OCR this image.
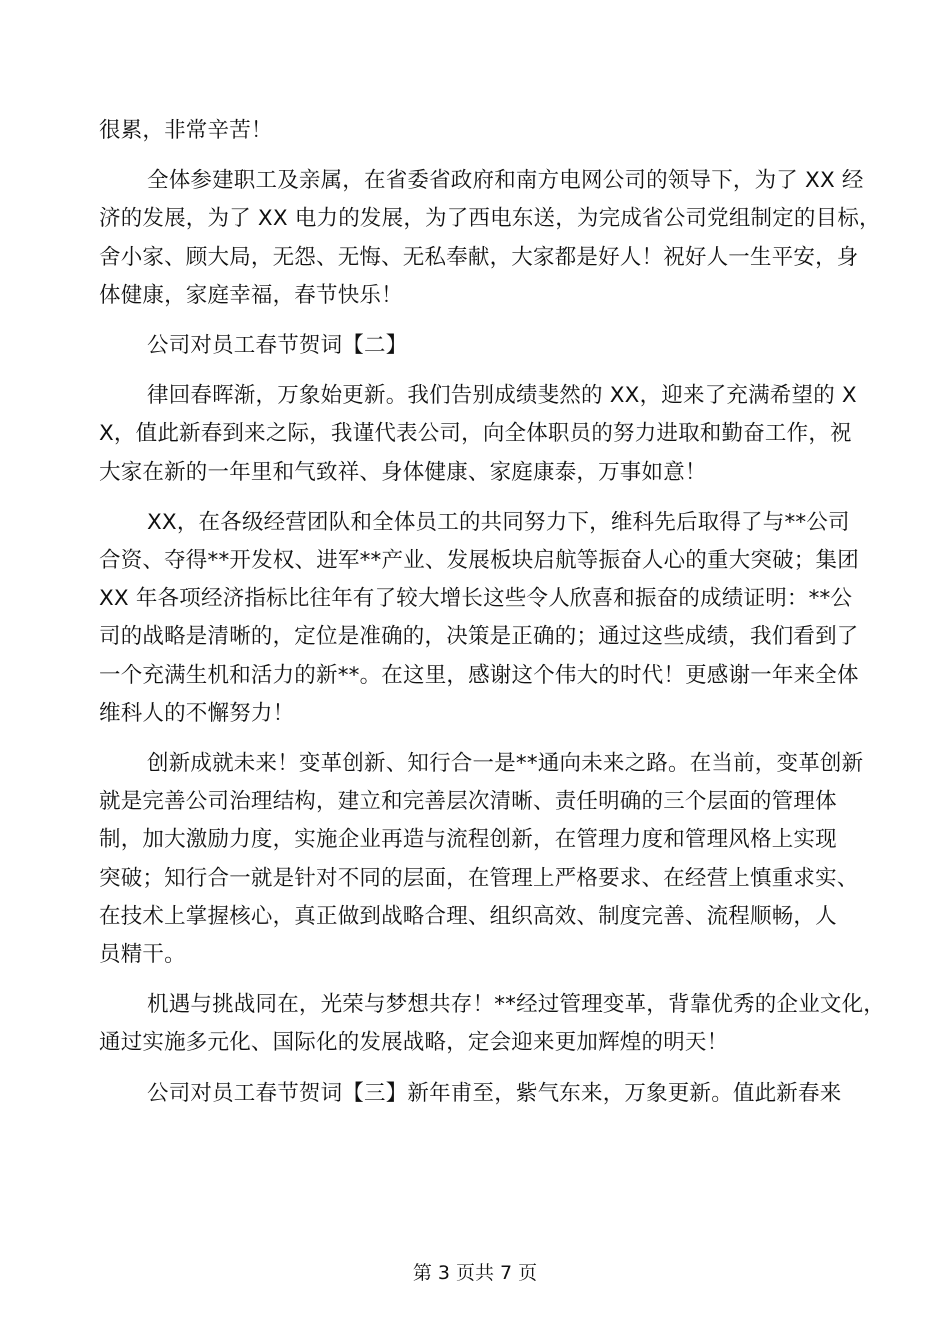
很累，非常辛苦！

全体参建职工及亲属，在省委省政府和南方电网公司的领导下，为了 XX 经
济的发展，为了 XX 电力的发展，为了西电东送，为完成省公司党组制定的目标，
舍小家、顾大局，无怨、无悔、无私奉献，大家都是好人！祝好人一生平安，身
体健康，家庭幸福，春节快乐！

公司对员工春节贺词【二】

律回春晖渐，万象始更新。我们告别成绩斐然的 XX，迎来了充满希望的 X
X，值此新春到来之际，我谨代表公司，向全体职员的努力进取和勤奋工作，祝
大家在新的一年里和气致祥、身体健康、家庭康泰，万事如意！

XX，在各级经营团队和全体员工的共同努力下，维科先后取得了与**公司
合资、夺得**开发权、进军**产业、发展板块启航等振奋人心的重大突破；集团
XX 年各项经济指标比往年有了较大增长这些令人欣喜和振奋的成绩证明：**公
司的战略是清晰的，定位是准确的，决策是正确的；通过这些成绩，我们看到了
一个充满生机和活力的新**。在这里，感谢这个伟大的时代！更感谢一年来全体
维科人的不懈努力！

创新成就未来！变革创新、知行合一是**通向未来之路。在当前，变革创新
就是完善公司治理结构，建立和完善层次清晰、责任明确的三个层面的管理体
制，加大激励力度，实施企业再造与流程创新，在管理力度和管理风格上实现
突破；知行合一就是针对不同的层面，在管理上严格要求、在经营上慎重求实、
在技术上掌握核心，真正做到战略合理、组织高效、制度完善、流程顺畅，人
员精干。

机遇与挑战同在，光荣与梦想共存！**经过管理变革，背靠优秀的企业文化，
通过实施多元化、国际化的发展战略，定会迎来更加辉煌的明天！

公司对员工春节贺词【三】新年甫至，紫气东来，万象更新。值此新春来

第 3 页共 7 页
